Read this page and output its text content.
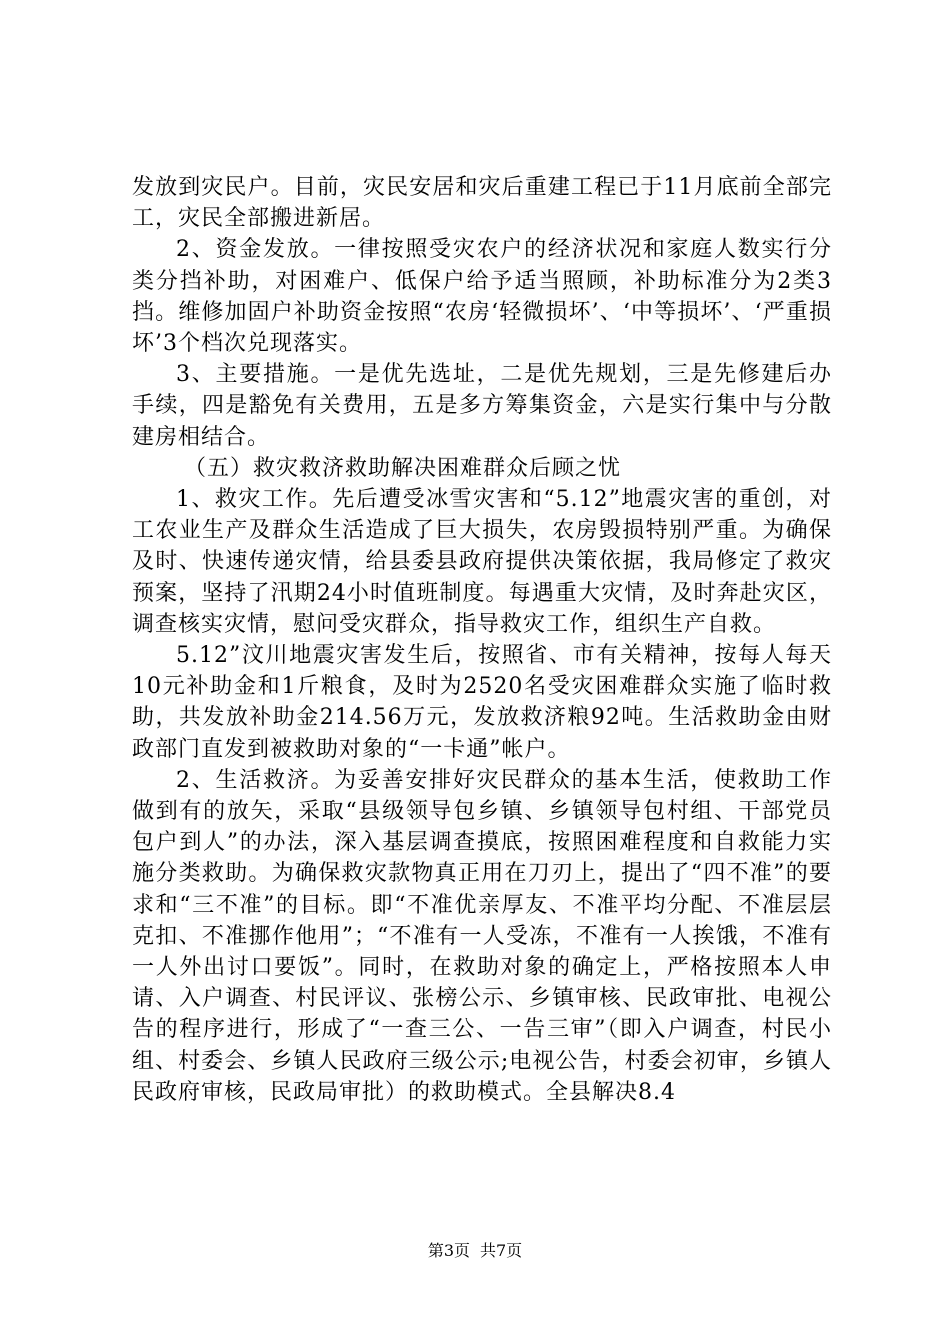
发放到灾民户。目前，灾民安居和灾后重建工程已于11月底前全部完工，灾民全部搬进新居。

2、资金发放。一律按照受灾农户的经济状况和家庭人数实行分类分挡补助，对困难户、低保户给予适当照顾，补助标准分为2类3挡。维修加固户补助资金按照“农房‘轻微损坏’、‘中等损坏’、‘严重损坏’3个档次兑现落实。

3、主要措施。一是优先选址，二是优先规划，三是先修建后办手续，四是豁免有关费用，五是多方筹集资金，六是实行集中与分散建房相结合。

（五）救灾救济救助解决困难群众后顾之忧

1、救灾工作。先后遭受冰雪灾害和“5.12”地震灾害的重创，对工农业生产及群众生活造成了巨大损失，农房毁损特别严重。为确保及时、快速传递灾情，给县委县政府提供决策依据，我局修定了救灾预案，坚持了汛期24小时值班制度。每遇重大灾情，及时奔赴灾区，调查核实灾情，慰问受灾群众，指导救灾工作，组织生产自救。

5.12”汶川地震灾害发生后，按照省、市有关精神，按每人每天10元补助金和1斤粮食，及时为2520名受灾困难群众实施了临时救助，共发放补助金214.56万元，发放救济粮92吨。生活救助金由财政部门直发到被救助对象的“一卡通”帐户。

2、生活救济。为妥善安排好灾民群众的基本生活，使救助工作做到有的放矢，采取“县级领导包乡镇、乡镇领导包村组、干部党员包户到人”的办法，深入基层调查摸底，按照困难程度和自救能力实施分类救助。为确保救灾款物真正用在刀刃上，提出了“四不准”的要求和“三不准”的目标。即“不准优亲厚友、不准平均分配、不准层层克扣、不准挪作他用”；“不准有一人受冻，不准有一人挨饿，不准有一人外出讨口要饭”。同时，在救助对象的确定上，严格按照本人申请、入户调查、村民评议、张榜公示、乡镇审核、民政审批、电视公告的程序进行，形成了“一查三公、一告三审”（即入户调查，村民小组、村委会、乡镇人民政府三级公示;电视公告，村委会初审，乡镇人民政府审核，民政局审批）的救助模式。全县解决8.4

第3页 共7页
